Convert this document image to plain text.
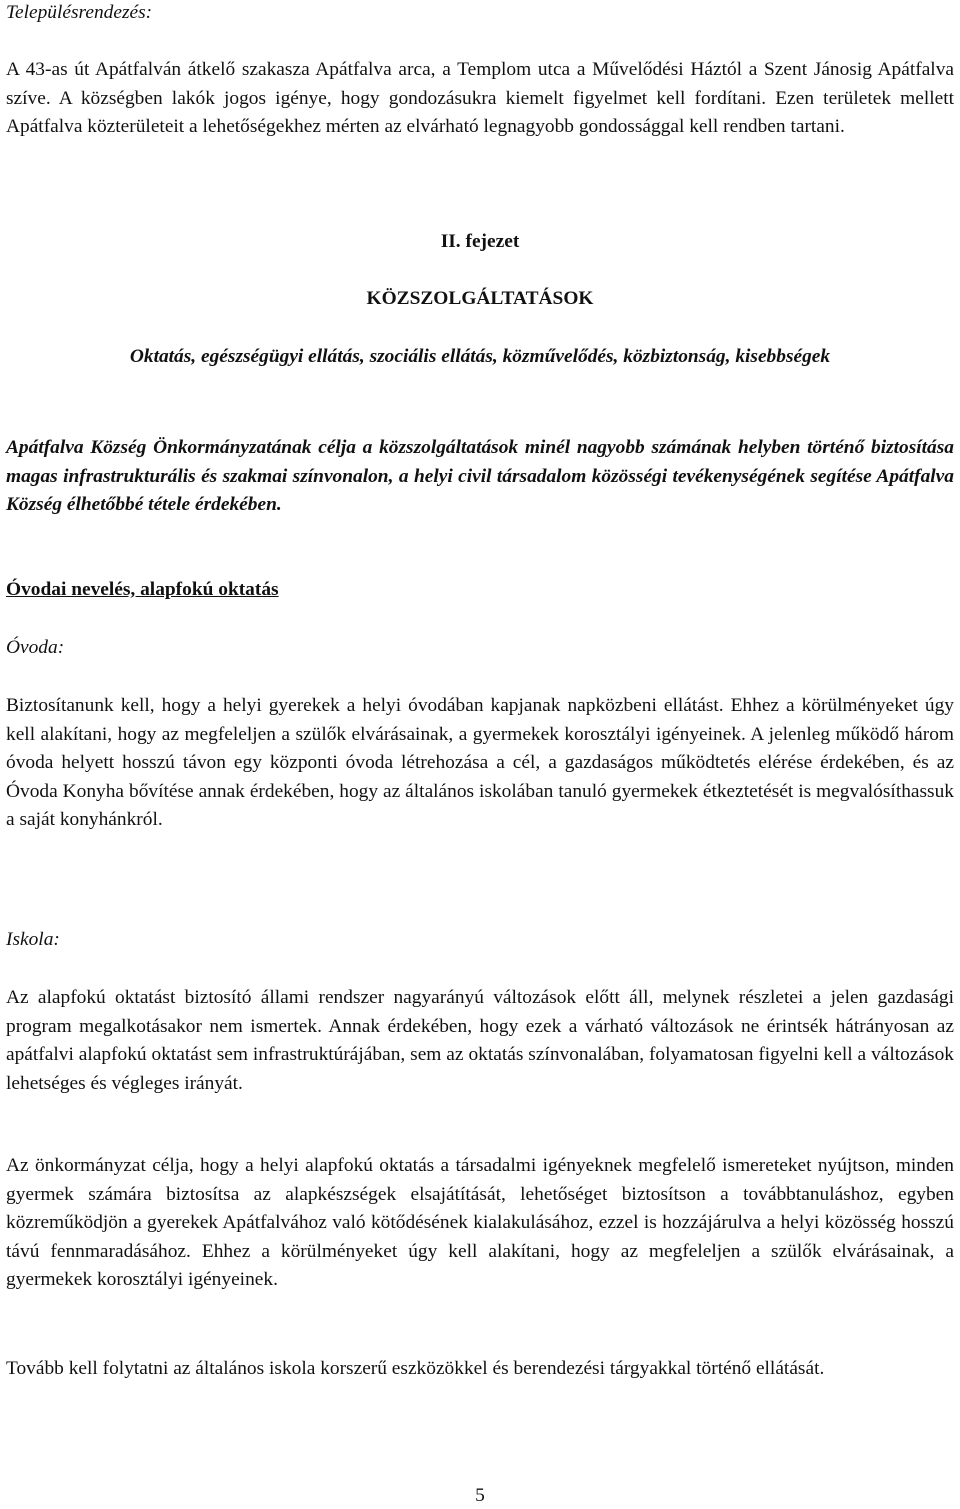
Településrendezés:

A 43-as út Apátfalván átkelő szakasza Apátfalva arca, a Templom utca a Művelődési Háztól a Szent Jánosig Apátfalva szíve. A községben lakók jogos igénye, hogy gondozásukra kiemelt figyelmet kell fordítani. Ezen területek mellett Apátfalva közterületeit a lehetőségekhez mérten az elvárható legnagyobb gondossággal kell rendben tartani.

II. fejezet

KÖZSZOLGÁLTATÁSOK

Oktatás, egészségügyi ellátás, szociális ellátás, közművelődés, közbiztonság, kisebbségek

Apátfalva Község Önkormányzatának célja a közszolgáltatások minél nagyobb számának helyben történő biztosítása magas infrastrukturális és szakmai színvonalon, a helyi civil társadalom közösségi tevékenységének segítése Apátfalva Község élhetőbbé tétele érdekében.

Óvodai nevelés, alapfokú oktatás

Óvoda:

Biztosítanunk kell, hogy a helyi gyerekek a helyi óvodában kapjanak napközbeni ellátást. Ehhez a körülményeket úgy kell alakítani, hogy az megfeleljen a szülők elvárásainak, a gyermekek korosztályi igényeinek. A jelenleg működő három óvoda helyett hosszú távon egy központi óvoda létrehozása a cél, a gazdaságos működtetés elérése érdekében, és az Óvoda Konyha bővítése annak érdekében, hogy az általános iskolában tanuló gyermekek étkeztetését is megvalósíthassuk a saját konyhánkról.

Iskola:

Az alapfokú oktatást biztosító állami rendszer nagyarányú változások előtt áll, melynek részletei a jelen gazdasági program megalkotásakor nem ismertek. Annak érdekében, hogy ezek a várható változások ne érintsék hátrányosan az apátfalvi alapfokú oktatást sem infrastruktúrájában, sem az oktatás színvonalában, folyamatosan figyelni kell a változások lehetséges és végleges irányát.

Az önkormányzat célja, hogy a helyi alapfokú oktatás a társadalmi igényeknek megfelelő ismereteket nyújtson, minden gyermek számára biztosítsa az alapkészségek elsajátítását, lehetőséget biztosítson a továbbtanuláshoz, egyben közreműködjön a gyerekek Apátfalvához való kötődésének kialakulásához, ezzel is hozzájárulva a helyi közösség hosszú távú fennmaradásához. Ehhez a körülményeket úgy kell alakítani, hogy az megfeleljen a szülők elvárásainak, a gyermekek korosztályi igényeinek.

Tovább kell folytatni az általános iskola korszerű eszközökkel és berendezési tárgyakkal történő ellátását.

5
